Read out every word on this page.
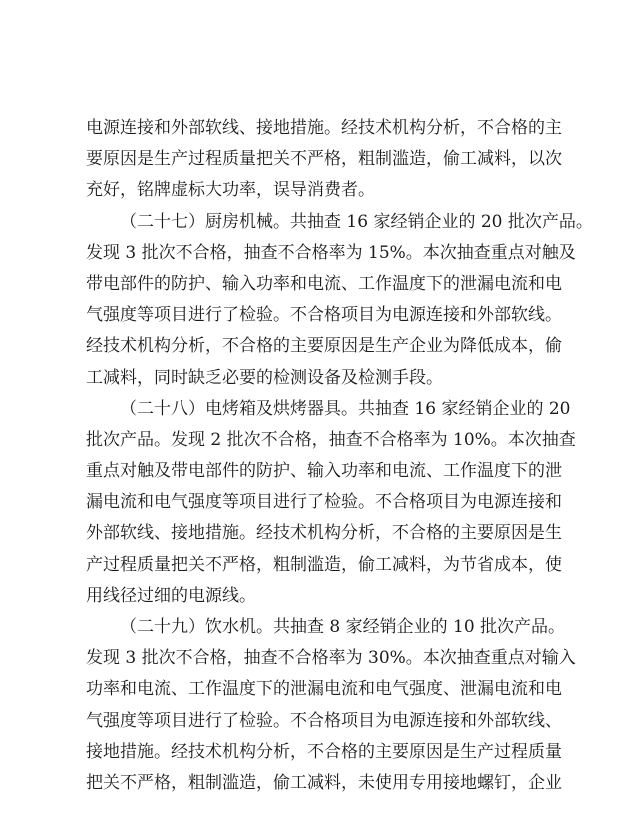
电源连接和外部软线、接地措施。经技术机构分析，不合格的主
要原因是生产过程质量把关不严格，粗制滥造，偷工减料，以次
充好，铭牌虚标大功率，误导消费者。
（二十七）厨房机械。共抽查 16 家经销企业的 20 批次产品。
发现 3 批次不合格，抽查不合格率为 15%。本次抽查重点对触及
带电部件的防护、输入功率和电流、工作温度下的泄漏电流和电
气强度等项目进行了检验。不合格项目为电源连接和外部软线。
经技术机构分析，不合格的主要原因是生产企业为降低成本，偷
工减料，同时缺乏必要的检测设备及检测手段。
（二十八）电烤箱及烘烤器具。共抽查 16 家经销企业的 20
批次产品。发现 2 批次不合格，抽查不合格率为 10%。本次抽查
重点对触及带电部件的防护、输入功率和电流、工作温度下的泄
漏电流和电气强度等项目进行了检验。不合格项目为电源连接和
外部软线、接地措施。经技术机构分析，不合格的主要原因是生
产过程质量把关不严格，粗制滥造，偷工减料，为节省成本，使
用线径过细的电源线。
（二十九）饮水机。共抽查 8 家经销企业的 10 批次产品。
发现 3 批次不合格，抽查不合格率为 30%。本次抽查重点对输入
功率和电流、工作温度下的泄漏电流和电气强度、泄漏电流和电
气强度等项目进行了检验。不合格项目为电源连接和外部软线、
接地措施。经技术机构分析，不合格的主要原因是生产过程质量
把关不严格，粗制滥造，偷工减料，未使用专用接地螺钉，企业
